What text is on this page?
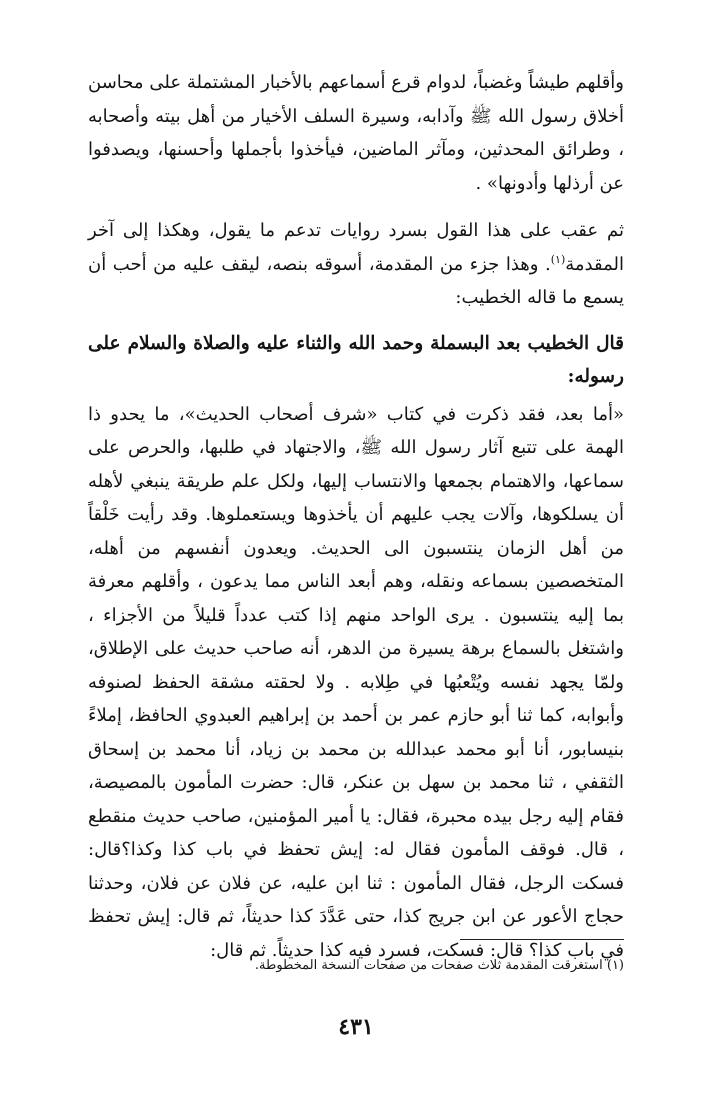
وأقلهم طيشاً وغضباً، لدوام قرع أسماعهم بالأخبار المشتملة على محاسن أخلاق رسول الله ﷺ وآدابه، وسيرة السلف الأخيار من أهل بيته وأصحابه ، وطرائق المحدثين، ومآثر الماضين، فيأخذوا بأجملها وأحسنها، ويصدفوا عن أرذلها وأدونها» .

ثم عقب على هذا القول بسرد روايات تدعم ما يقول، وهكذا إلى آخر المقدمة$^{(١)}$. وهذا جزء من المقدمة، أسوقه بنصه، ليقف عليه من أحب أن يسمع ما قاله الخطيب:

قال الخطيب بعد البسملة وحمد الله والثناء عليه والصلاة والسلام على رسوله:

«أما بعد، فقد ذكرت في كتاب «شرف أصحاب الحديث»، ما يحدو ذا الهمة على تتبع آثار رسول الله ﷺ، والاجتهاد في طلبها، والحرص على سماعها، والاهتمام بجمعها والانتساب إليها، ولكل علم طريقة ينبغي لأهله أن يسلكوها، وآلات يجب عليهم أن يأخذوها ويستعملوها. وقد رأيت خَلْقاً من أهل الزمان ينتسبون الى الحديث. ويعدون أنفسهم من أهله، المتخصصين بسماعه ونقله، وهم أبعد الناس مما يدعون ، وأقلهم معرفة بما إليه ينتسبون . يرى الواحد منهم إذا كتب عدداً قليلاً من الأجزاء ، واشتغل بالسماع برهة يسيرة من الدهر، أنه صاحب حديث على الإطلاق، ولمّا يجهد نفسه ويُتْعبُها في طِلابه . ولا لحقته مشقة الحفظ لصنوفه وأبوابه، كما ثنا أبو حازم عمر بن أحمد بن إبراهيم العبدوي الحافظ، إملاءً بنيسابور، أنا أبو محمد عبدالله بن محمد بن زياد، أنا محمد بن إسحاق الثقفي ، ثنا محمد بن سهل بن عنكر، قال: حضرت المأمون بالمصيصة، فقام إليه رجل بيده محبرة، فقال: يا أمير المؤمنين، صاحب حديث منقطع ، قال. فوقف المأمون فقال له: إيش تحفظ في باب كذا وكذا؟قال: فسكت الرجل، فقال المأمون : ثنا ابن عليه، عن فلان عن فلان، وحدثنا حجاج الأعور عن ابن جريج كذا، حتى عَدَّدَ كذا حديثاً، ثم قال: إيش تحفظ في باب كذا؟ قال: فسكت، فسرد فيه كذا حديثاً. ثم قال:

(١) استغرقت المقدمة ثلاث صفحات من صفحات النسخة المخطوطة.

٤٣١
